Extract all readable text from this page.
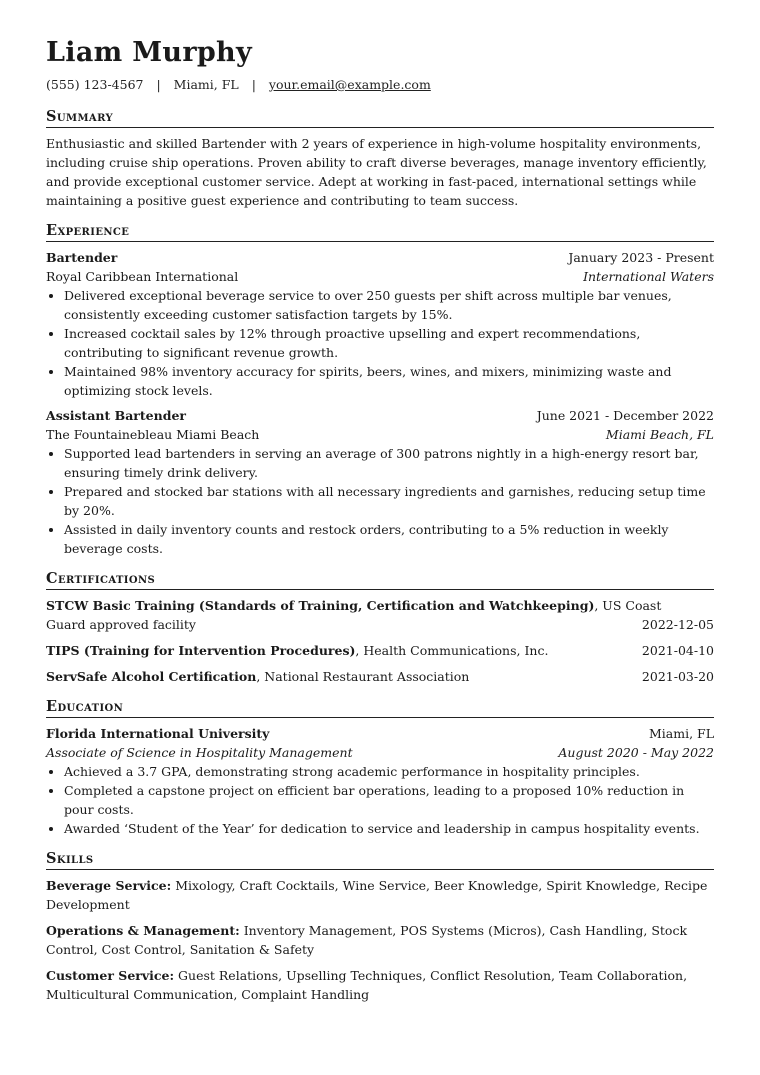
Liam Murphy
(555) 123-4567 | Miami, FL | your.email@example.com
Summary

Enthusiastic and skilled Bartender with 2 years of experience in high-volume hospitality environments, including cruise ship operations. Proven ability to craft diverse beverages, manage inventory efficiently, and provide exceptional customer service. Adept at working in fast-paced, international settings while maintaining a positive guest experience and contributing to team success.

Experience
Bartender	January 2023 - Present
Royal Caribbean International	International Waters
• Delivered exceptional beverage service to over 250 guests per shift across multiple bar venues, consistently exceeding customer satisfaction targets by 15%.
• Increased cocktail sales by 12% through proactive upselling and expert recommendations, contributing to significant revenue growth.
• Maintained 98% inventory accuracy for spirits, beers, wines, and mixers, minimizing waste and optimizing stock levels.
Assistant Bartender	June 2021 - December 2022
The Fountainebleau Miami Beach	Miami Beach, FL
• Supported lead bartenders in serving an average of 300 patrons nightly in a high-energy resort bar, ensuring timely drink delivery.
• Prepared and stocked bar stations with all necessary ingredients and garnishes, reducing setup time by 20%.
• Assisted in daily inventory counts and restock orders, contributing to a 5% reduction in weekly beverage costs.
Certifications
STCW Basic Training (Standards of Training, Certification and Watchkeeping), US Coast
Guard approved facility	2022-12-05
TIPS (Training for Intervention Procedures), Health Communications, Inc.	2021-04-10
ServSafe Alcohol Certification, National Restaurant Association	2021-03-20
Education
Florida International University	Miami, FL
Associate of Science in Hospitality Management	August 2020 - May 2022
• Achieved a 3.7 GPA, demonstrating strong academic performance in hospitality principles.
• Completed a capstone project on efficient bar operations, leading to a proposed 10% reduction in pour costs.
• Awarded ‘Student of the Year’ for dedication to service and leadership in campus hospitality events.
Skills
Beverage Service: Mixology, Craft Cocktails, Wine Service, Beer Knowledge, Spirit Knowledge, Recipe Development
Operations & Management: Inventory Management, POS Systems (Micros), Cash Handling, Stock Control, Cost Control, Sanitation & Safety
Customer Service: Guest Relations, Upselling Techniques, Conflict Resolution, Team Collaboration, Multicultural Communication, Complaint Handling
